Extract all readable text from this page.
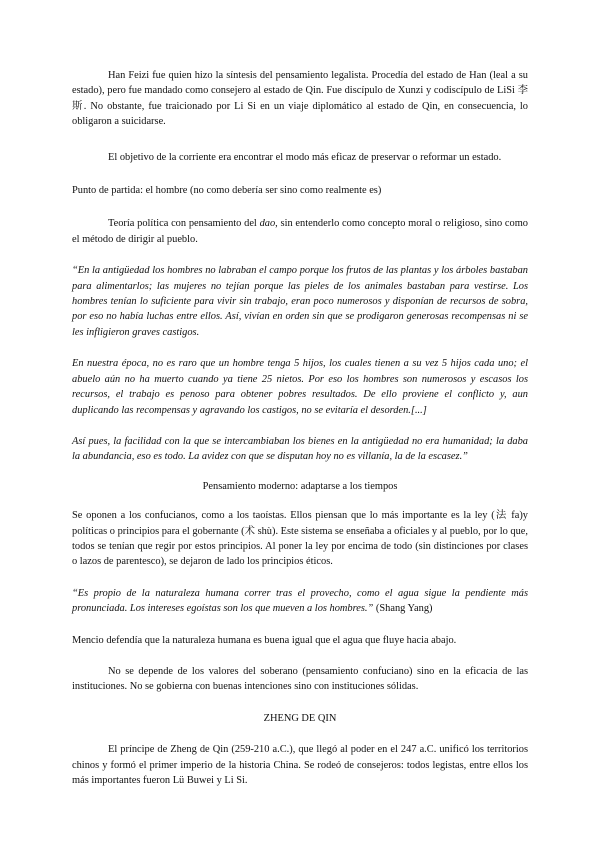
Han Feizi fue quien hizo la síntesis del pensamiento legalista. Procedía del estado de Han (leal a su estado), pero fue mandado como consejero al estado de Qin. Fue discípulo de Xunzi y codiscípulo de LiSi 李斯. No obstante, fue traicionado por Li Si en un viaje diplomático al estado de Qin, en consecuencia, lo obligaron a suicidarse.

El objetivo de la corriente era encontrar el modo más eficaz de preservar o reformar un estado.

Punto de partida: el hombre (no como debería ser sino como realmente es)

Teoría política con pensamiento del dao, sin entenderlo como concepto moral o religioso, sino como el método de dirigir al pueblo.

“En la antigüedad los hombres no labraban el campo porque los frutos de las plantas y los árboles bastaban para alimentarlos; las mujeres no tejían porque las pieles de los animales bastaban para vestirse. Los hombres tenían lo suficiente para vivir sin trabajo, eran poco numerosos y disponían de recursos de sobra, por eso no había luchas entre ellos. Así, vivían en orden sin que se prodigaron generosas recompensas ni se les infligieron graves castigos.

En nuestra época, no es raro que un hombre tenga 5 hijos, los cuales tienen a su vez 5 hijos cada uno; el abuelo aún no ha muerto cuando ya tiene 25 nietos. Por eso los hombres son numerosos y escasos los recursos, el trabajo es penoso para obtener pobres resultados. De ello proviene el conflicto y, aun duplicando las recompensas y agravando los castigos, no se evitaría el desorden.[...]

Así pues, la facilidad con la que se intercambiaban los bienes en la antigüedad no era humanidad; la daba la abundancia, eso es todo. La avidez con que se disputan hoy no es villanía, la de la escasez.”

Pensamiento moderno: adaptarse a los tiempos

Se oponen a los confucianos, como a los taoístas. Ellos piensan que lo más importante es la ley (法 fa)y políticas o principios para el gobernante (术 shù). Este sistema se enseñaba a oficiales y al pueblo, por lo que, todos se tenían que regir por estos principios. Al poner la ley por encima de todo (sin distinciones por clases o lazos de parentesco), se dejaron de lado los principios éticos.

“Es propio de la naturaleza humana correr tras el provecho, como el agua sigue la pendiente más pronunciada. Los intereses egoístas son los que mueven a los hombres.” (Shang Yang)

Mencio defendía que la naturaleza humana es buena igual que el agua que fluye hacia abajo.

No se depende de los valores del soberano (pensamiento confuciano) sino en la eficacia de las instituciones. No se gobierna con buenas intenciones sino con instituciones sólidas.

ZHENG DE QIN

El príncipe de Zheng de Qin (259-210 a.C.), que llegó al poder en el 247 a.C. unificó los territorios chinos y formó el primer imperio de la historia China. Se rodeó de consejeros: todos legistas, entre ellos los más importantes fueron Lü Buwei y Li Si.
